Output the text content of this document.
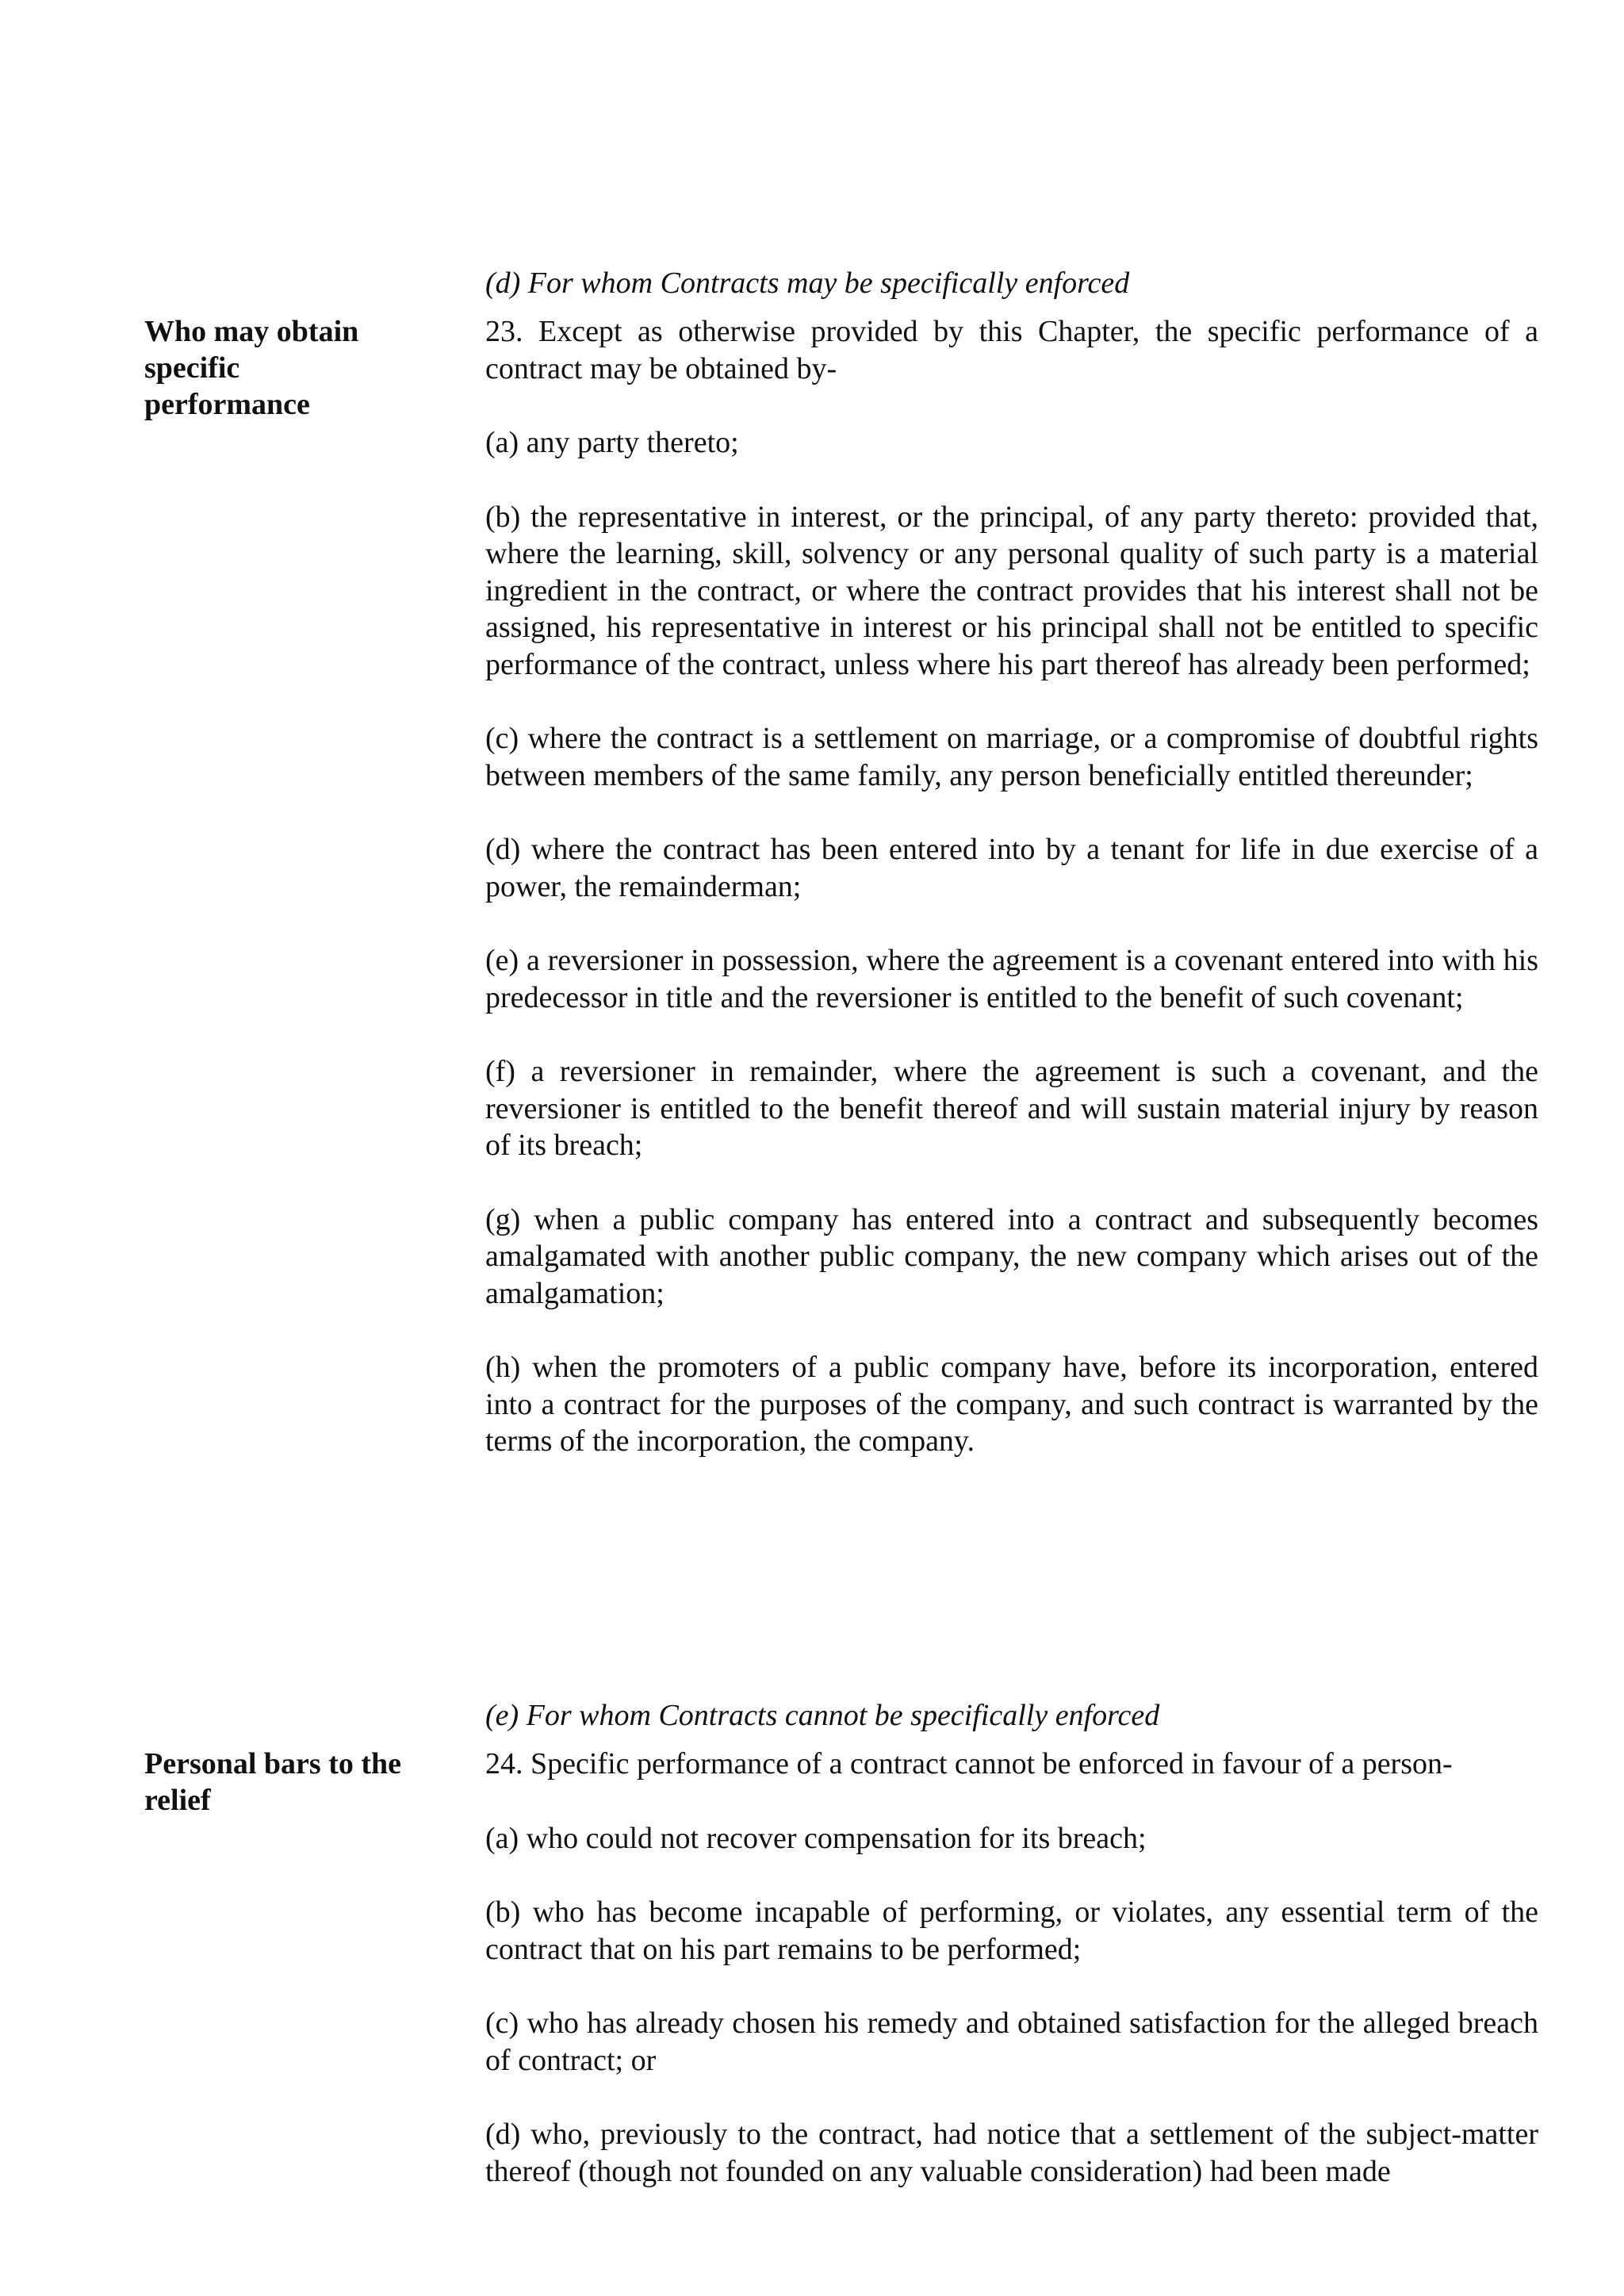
(d) For whom Contracts may be specifically enforced
Who may obtain specific performance

23. Except as otherwise provided by this Chapter, the specific performance of a contract may be obtained by-

(a) any party thereto;

(b) the representative in interest, or the principal, of any party thereto: provided that, where the learning, skill, solvency or any personal quality of such party is a material ingredient in the contract, or where the contract provides that his interest shall not be assigned, his representative in interest or his principal shall not be entitled to specific performance of the contract, unless where his part thereof has already been performed;

(c) where the contract is a settlement on marriage, or a compromise of doubtful rights between members of the same family, any person beneficially entitled thereunder;

(d) where the contract has been entered into by a tenant for life in due exercise of a power, the remainderman;

(e) a reversioner in possession, where the agreement is a covenant entered into with his predecessor in title and the reversioner is entitled to the benefit of such covenant;

(f) a reversioner in remainder, where the agreement is such a covenant, and the reversioner is entitled to the benefit thereof and will sustain material injury by reason of its breach;

(g) when a public company has entered into a contract and subsequently becomes amalgamated with another public company, the new company which arises out of the amalgamation;

(h) when the promoters of a public company have, before its incorporation, entered into a contract for the purposes of the company, and such contract is warranted by the terms of the incorporation, the company.

(e) For whom Contracts cannot be specifically enforced
Personal bars to the relief

24. Specific performance of a contract cannot be enforced in favour of a person-

(a) who could not recover compensation for its breach;

(b) who has become incapable of performing, or violates, any essential term of the contract that on his part remains to be performed;

(c) who has already chosen his remedy and obtained satisfaction for the alleged breach of contract; or

(d) who, previously to the contract, had notice that a settlement of the subject-matter thereof (though not founded on any valuable consideration) had been made
